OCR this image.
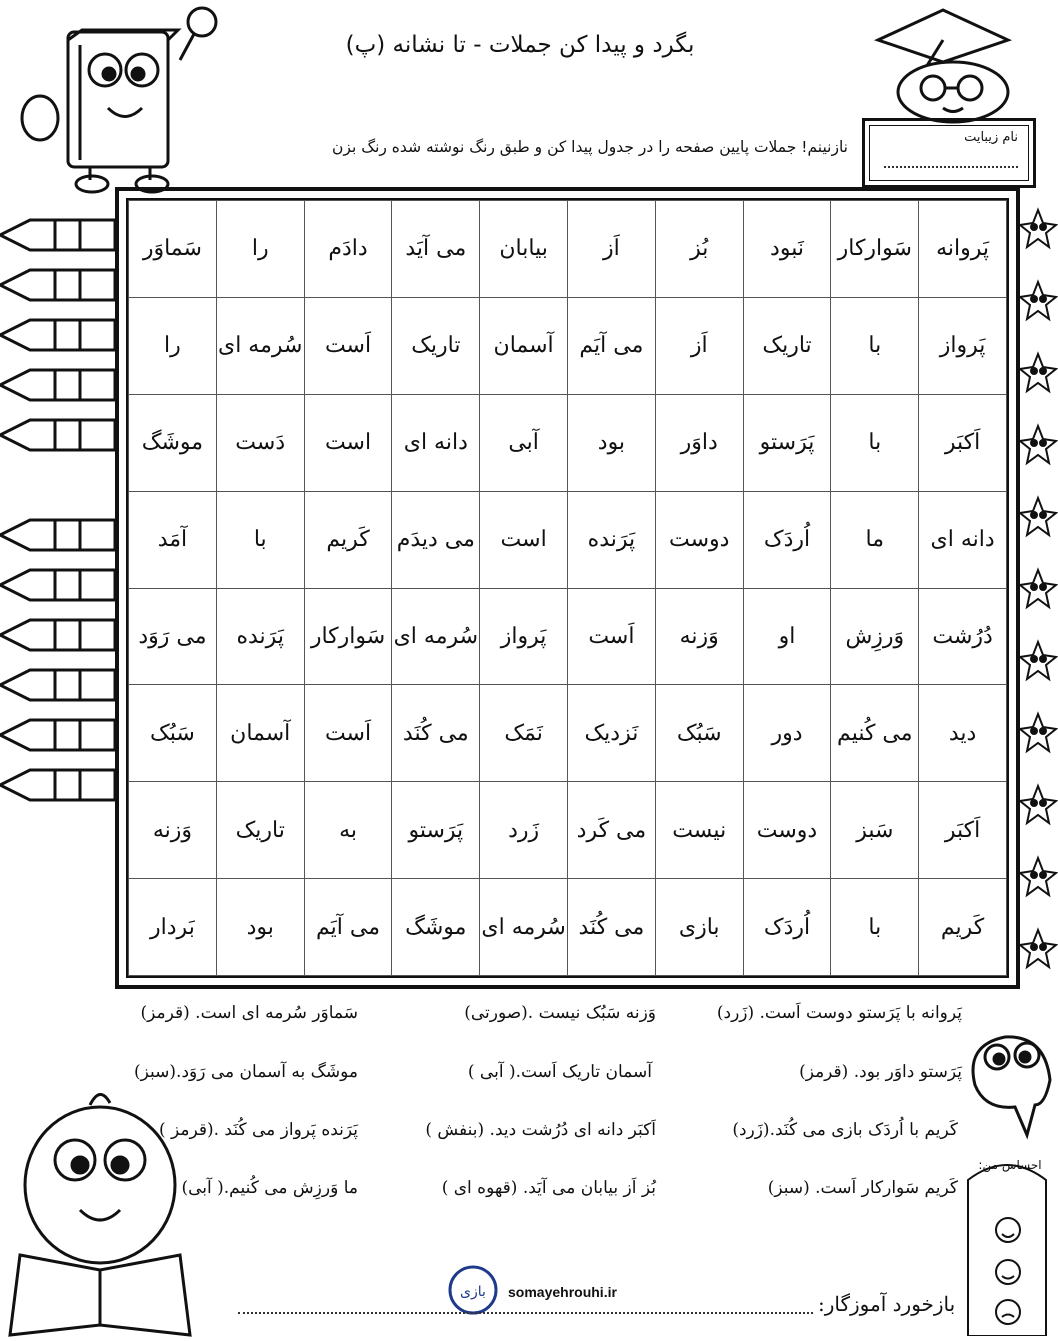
بگرد و پیدا کن جملات - تا نشانه (پ)
نازنینم! جملات پایین صفحه را در جدول پیدا کن و طبق رنگ نوشته شده رنگ بزن
نام زیبایت
پَروانه	سَوارکار	نَبود	بُز	اَز	بیابان	می آیَد	دادَم	را	سَماوَر
پَرواز	با	تاریک	اَز	می آیَم	آسمان	تاریک	اَست	سُرمه ای	را
اَکبَر	با	پَرَستو	داوَر	بود	آبی	دانه ای	است	دَست	موشَگ
دانه ای	ما	اُردَک	دوست	پَرَنده	است	می دیدَم	کَریم	با	آمَد
دُرُشت	وَرزِش	او	وَزنه	اَست	پَرواز	سُرمه ای	سَوارکار	پَرَنده	می رَوَد
دید	می کُنیم	دور	سَبُک	نَزدیک	نَمَک	می کُنَد	اَست	آسمان	سَبُک
اَکبَر	سَبز	دوست	نیست	می کَرد	زَرد	پَرَستو	به	تاریک	وَزنه
کَریم	با	اُردَک	بازی	می کُنَد	سُرمه ای	موشَگ	می آیَم	بود	بَردار
پَروانه با پَرَستو دوست اَست. (زَرد)
پَرَستو داوَر بود. (قرمز)
کَریم با اُردَک بازی می کُنَد.(زَرد)
کَریم سَوارکار اَست. (سبز)
وَزنه سَبُک نیست .(صورتی)
آسمان تاریک اَست.( آبی )
اَکبَر دانه ای دُرُشت دید. (بنفش )
بُز اَز بیابان می آیَد. (قهوه ای )
سَماوَر سُرمه ای است. (قرمز)
موشَگ به آسمان می رَوَد.(سبز)
پَرَنده پَرواز می کُنَد .(قرمز )
ما وَرزِش می کُنیم.( آبی)
احساس من:
بازی somayehrouhi.ir	بازخورد آموزگار:
